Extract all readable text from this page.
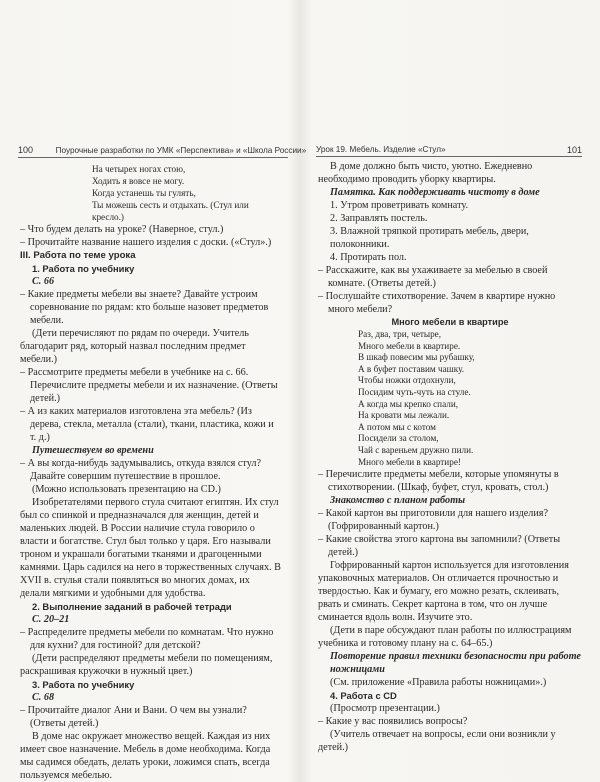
100	Поурочные разработки по УМК «Перспектива» и «Школа России»

На четырех ногах стою,

Ходить я вовсе не могу.

Когда устанешь ты гулять,

Ты можешь сесть и отдыхать. (Стул или кресло.)

– Что будем делать на уроке? (Наверное, стул.)

– Прочитайте название нашего изделия с доски. («Стул».)

III. Работа по теме урока

1. Работа по учебнику

С. 66

– Какие предметы мебели вы знаете? Давайте устроим соревнование по рядам: кто больше назовет предметов мебели.

(Дети перечисляют по рядам по очереди. Учитель благодарит ряд, который назвал последним предмет мебели.)

– Рассмотрите предметы мебели в учебнике на с. 66. Перечислите предметы мебели и их назначение. (Ответы детей.)

– А из каких материалов изготовлена эта мебель? (Из дерева, стекла, металла (стали), ткани, пластика, кожи и т. д.)

Путешествуем во времени

– А вы когда-нибудь задумывались, откуда взялся стул? Давайте совершим путешествие в прошлое.

(Можно использовать презентацию на CD.)

Изобретателями первого стула считают египтян. Их стул был со спинкой и предназначался для женщин, детей и маленьких людей. В России наличие стула говорило о власти и богатстве. Стул был только у царя. Его называли троном и украшали богатыми тканями и драгоценными камнями. Царь садился на него в торжественных случаях. В XVII в. стулья стали появляться во многих домах, их делали мягкими и удобными для удобства.

2. Выполнение заданий в рабочей тетради

С. 20–21

– Распределите предметы мебели по комнатам. Что нужно для кухни? для гостиной? для детской?

(Дети распределяют предметы мебели по помещениям, раскрашивая кружочки в нужный цвет.)

3. Работа по учебнику

С. 68

– Прочитайте диалог Ани и Вани. О чем вы узнали? (Ответы детей.)

В доме нас окружает множество вещей. Каждая из них имеет свое назначение. Мебель в доме необходима. Когда мы садимся обедать, делать уроки, ложимся спать, всегда пользуемся мебелью.

Урок 19. Мебель. Изделие «Стул»	101

В доме должно быть чисто, уютно. Ежедневно необходимо проводить уборку квартиры.

Памятка. Как поддерживать чистоту в доме

1. Утром проветривать комнату.

2. Заправлять постель.

3. Влажной тряпкой протирать мебель, двери, полоконники.

4. Протирать пол.

– Расскажите, как вы ухаживаете за мебелью в своей комнате. (Ответы детей.)

– Послушайте стихотворение. Зачем в квартире нужно много мебели?

Много мебели в квартире

Раз, два, три, четыре,

Много мебели в квартире.

В шкаф повесим мы рубашку,

А в буфет поставим чашку.

Чтобы ножки отдохнули,

Посидим чуть-чуть на стуле.

А когда мы крепко спали,

На кровати мы лежали.

А потом мы с котом

Посидели за столом,

Чай с вареньем дружно пили.

Много мебели в квартире!

– Перечислите предметы мебели, которые упомянуты в стихотворении. (Шкаф, буфет, стул, кровать, стол.)

Знакомство с планом работы

– Какой картон вы приготовили для нашего изделия? (Гофрированный картон.)

– Какие свойства этого картона вы запомнили? (Ответы детей.)

Гофрированный картон используется для изготовления упаковочных материалов. Он отличается прочностью и твердостью. Как и бумагу, его можно резать, склеивать, рвать и сминать. Секрет картона в том, что он лучше сминается вдоль волн. Изучите это.

(Дети в паре обсуждают план работы по иллюстрациям учебника и готовому плану на с. 64–65.)

Повторение правил техники безопасности при работе ножницами

(См. приложение «Правила работы ножницами».)

4. Работа с CD

(Просмотр презентации.)

– Какие у вас появились вопросы?

(Учитель отвечает на вопросы, если они возникли у детей.)
